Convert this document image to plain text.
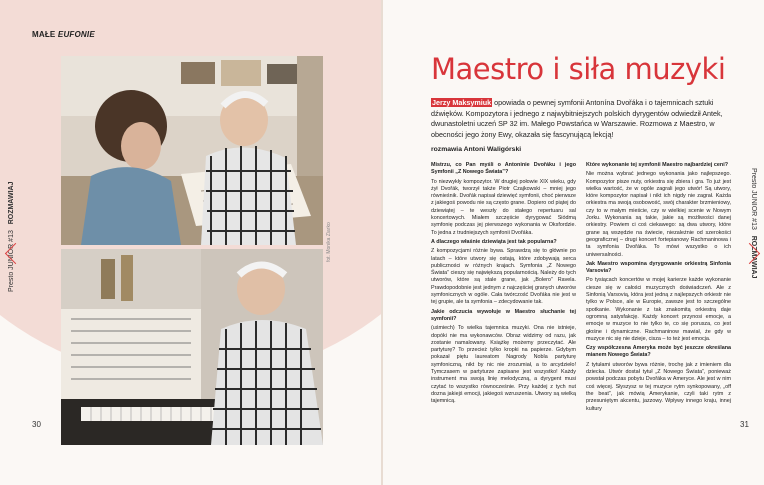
MAŁE EUFONIE
fot. Monika Ziarko
Presto JUNIOR #13   ROZMAWIAJ	Presto JUNIOR #13   ROZMAWIAJ
30	31
Maestro i siła muzyki
Jerzy Maksymiuk opowiada o pewnej symfonii Antonína Dvořáka i o tajemnicach sztuki dźwięków. Kompozytora i jednego z najwybitniejszych polskich dyrygentów odwiedził Antek, dwunastoletni uczeń SP 32 im. Małego Powstańca w Warszawie. Rozmowa z Maestro, w obecności jego żony Ewy, okazała się fascynującą lekcją!
rozmawia Antoni Waligórski

Mistrzu, co Pan myśli o Antoninie Dvořáku i jego Symfonii „Z Nowego Świata”?

To niezwykły kompozytor. W drugiej połowie XIX wieku, gdy żył Dvořák, tworzył także Piotr Czajkowski – mniej jego równieśnik. Dvořák napisał dziewięć symfonii, choć pierwsze z jakiegoś powodu nie są często grane. Dopiero od piątej do dziewiątej – te weszły do stałego repertuaru sal koncertowych. Miałem szczęście dyrygować Siódmą symfonię podczas jej pierwszego wykonania w Oksfordzie. To jedna z trudniejszych symfonii Dvořáka.

A dlaczego właśnie dziewiąta jest tak popularna?

Z kompozycjami różnie bywa. Sprawdzą się to głównie po latach – które utwory się ostają, które zdobywają serca publiczności w różnych krajach. Symfonia „Z Nowego Świata” cieszy się największą popularnością. Należy do tych utworów, które są stale grane, jak „Bolero” Ravela. Prawdopodobnie jest jednym z najczęściej granych utworów symfonicznych w ogóle. Cała twórczość Dvořáka nie jest w tej grupie, ale ta symfonia – zdecydowanie tak.

Jakie odczucia wywołuje w Maestro słuchanie tej symfonii?

(uśmiech) To wielka tajemnica muzyki. Ona nie istnieje, dopóki nie ma wykonawców. Obraz widzimy od razu, jak zostanie namalowany. Książkę możemy przeczytać. Ale partyturę? To przecież tylko kropki na papierze. Gdybym pokazał piętu laureatom Nagrody Nobla partyturę symfoniczną, nikt by nic nie zrozumiał, a to arcydzieło! Tymczasem w partyturze zapisane jest wszystko! Każdy instrument ma swoją linię melodyczną, a dyrygent musi czytać to wszystko równocześnie. Przy każdej z tych nut dozna jakiejś emocji, jakiegoś wzruszenia. Utwory są wielką tajemnicą.

Które wykonanie tej symfonii Maestro najbardziej ceni?

Nie można wybrać jednego wykonania jako najlepszego. Kompozytor pisze nuty, orkiestra się zbiera i gra. To już jest wielka wartość, że w ogóle zagrali jego utwór! Są utwory, które kompozytor napisał i nikt ich nigdy nie zagrał. Każda orkiestra ma swoją osobowość, swój charakter brzmieniowy, czy to w małym mieście, czy w wielkiej scenie w Nowym Jorku. Wykonania są takie, jakie są możliwości danej orkiestry. Powiem ci coś ciekawego: są dwa utwory, które grane są wszędzie na świecie, niezależnie od szerokości geograficznej – drugi koncert fortepianowy Rachmaninowa i ta symfonia Dvořáka. To mówi wszystko o ich uniwersalności.

Jak Maestro wspomina dyrygowanie orkiestrą Sinfonia Varsovia?

Po tysiącach koncertów w mojej karierze każde wykonanie ciesze się w całości muzycznych doświadczeń. Ale z Sinfonią Varsovią, która jest jedną z najlepszych orkiestr nie tylko w Polsce, ale w Europie, zawsze jest to szczególne spotkanie. Wykonanie z tak znakomitą orkiestrą daje ogromną satysfakcję. Każdy koncert przynosi emocje, a emocje w muzyce to nie tylko te, co się porusza, co jest głośne i dynamiczne. Rachmaninow mawiał, że gdy w muzyce nic się nie dzieje, cisza – to też jest emocja.

Czy współczesna Ameryka może być jeszcze określana mianem Nowego Świata?

Z tytułami utworów bywa różnie, trochę jak z imieniem dla dziecka. Utwór dostał tytuł „Z Nowego Świata”, ponieważ powstał podczas pobytu Dvořáka w Ameryce. Ale jest w nim coś więcej. Słyszysz w tej muzyce rytm synkopowany, „off the beat”, jak mówią Amerykanie, czyli taki rytm z przesuniętym akcentu, jazzowy. Wpływy innego kraju, innej kultury
